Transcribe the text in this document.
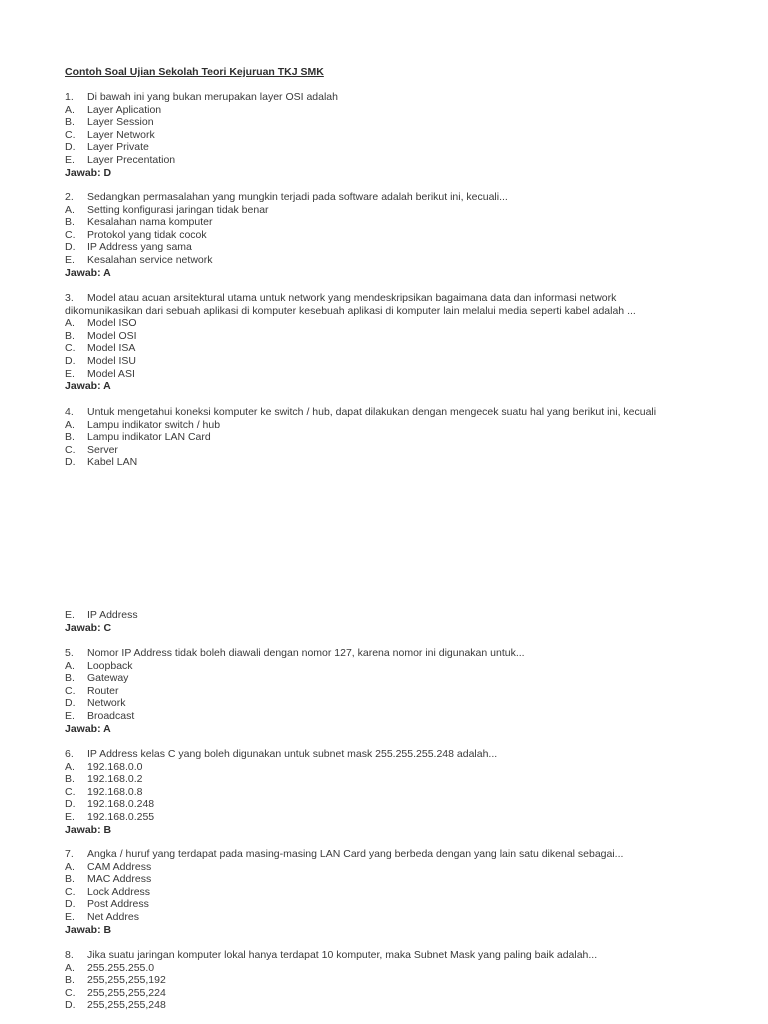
Contoh Soal Ujian Sekolah Teori Kejuruan TKJ SMK
1.	Di bawah ini yang bukan merupakan layer OSI adalah
A.	Layer Aplication
B.	Layer Session
C.	Layer Network
D.	Layer Private
E.	Layer Precentation
Jawab: D
2.	Sedangkan permasalahan yang mungkin terjadi pada software adalah berikut ini, kecuali...
A.	Setting konfigurasi jaringan tidak benar
B.	Kesalahan nama komputer
C.	Protokol yang tidak cocok
D.	IP Address yang sama
E.	Kesalahan service network
Jawab: A
3.	Model atau acuan arsitektural utama untuk network yang mendeskripsikan bagaimana data dan informasi network
dikomunikasikan dari sebuah aplikasi di komputer kesebuah aplikasi di komputer lain melalui media seperti kabel adalah ...
A.	Model ISO
B.	Model OSI
C.	Model ISA
D.	Model ISU
E.	Model ASI
Jawab: A
4.	Untuk mengetahui koneksi komputer ke switch / hub, dapat dilakukan dengan mengecek suatu hal yang berikut ini, kecuali
A.	Lampu indikator switch / hub
B.	Lampu indikator LAN Card
C.	Server
D.	Kabel LAN
E.	IP Address
Jawab: C
5.	Nomor IP Address tidak boleh diawali dengan nomor 127, karena nomor ini digunakan untuk...
A.	Loopback
B.	Gateway
C.	Router
D.	Network
E.	Broadcast
Jawab: A
6.	IP Address kelas C yang boleh digunakan untuk subnet mask 255.255.255.248 adalah...
A.	192.168.0.0
B.	192.168.0.2
C.	192.168.0.8
D.	192.168.0.248
E.	192.168.0.255
Jawab: B
7.	Angka / huruf yang terdapat pada masing-masing LAN Card yang berbeda dengan yang lain satu dikenal sebagai...
A.	CAM Address
B.	MAC Address
C.	Lock Address
D.	Post Address
E.	Net Addres
Jawab: B
8.	Jika suatu jaringan komputer lokal hanya terdapat 10 komputer, maka Subnet Mask yang paling baik adalah...
A.	255.255.255.0
B.	255,255,255,192
C.	255,255,255,224
D.	255,255,255,248
